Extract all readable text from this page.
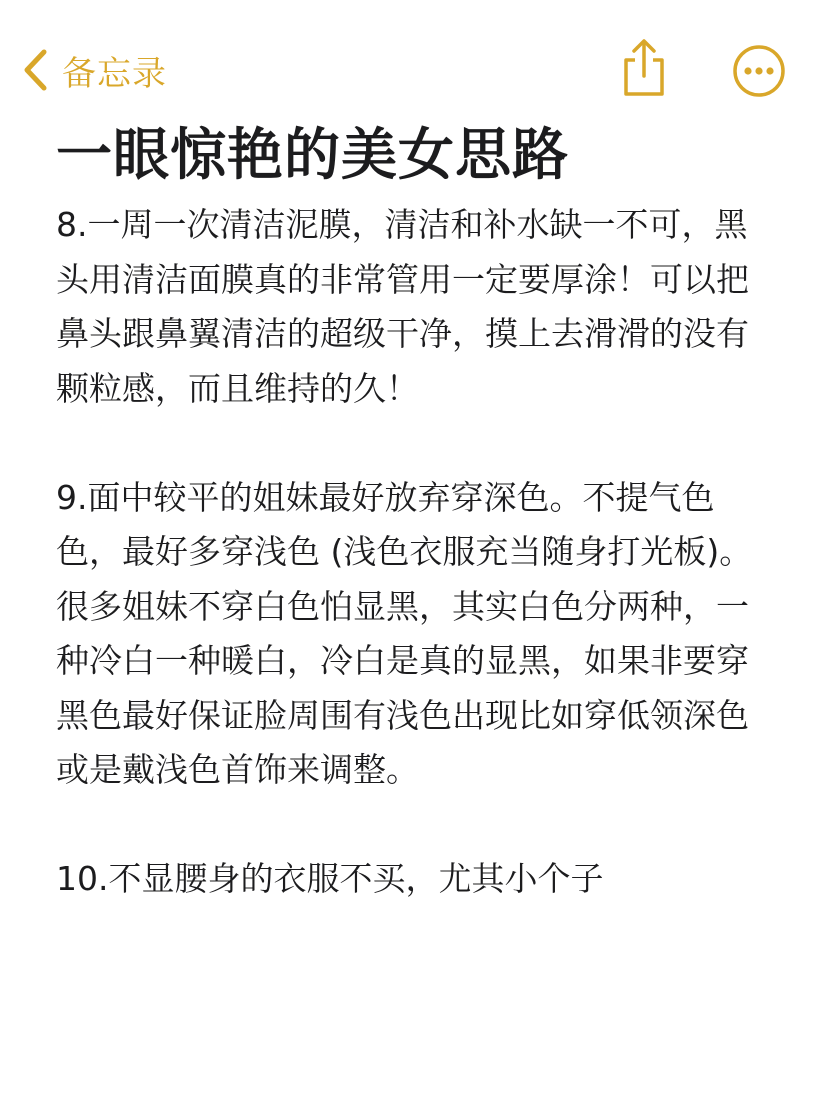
备忘录
一眼惊艳的美女思路

8.一周一次清洁泥膜，清洁和补水缺一不可，黑头用清洁面膜真的非常管用一定要厚涂！可以把鼻头跟鼻翼清洁的超级干净，摸上去滑滑的没有颗粒感，而且维持的久！

9.面中较平的姐妹最好放弃穿深色。不提气色色，最好多穿浅色 (浅色衣服充当随身打光板)。很多姐妹不穿白色怕显黑，其实白色分两种，一种冷白一种暖白，冷白是真的显黑，如果非要穿黑色最好保证脸周围有浅色出现比如穿低领深色或是戴浅色首饰来调整。

10.不显腰身的衣服不买，尤其小个子
